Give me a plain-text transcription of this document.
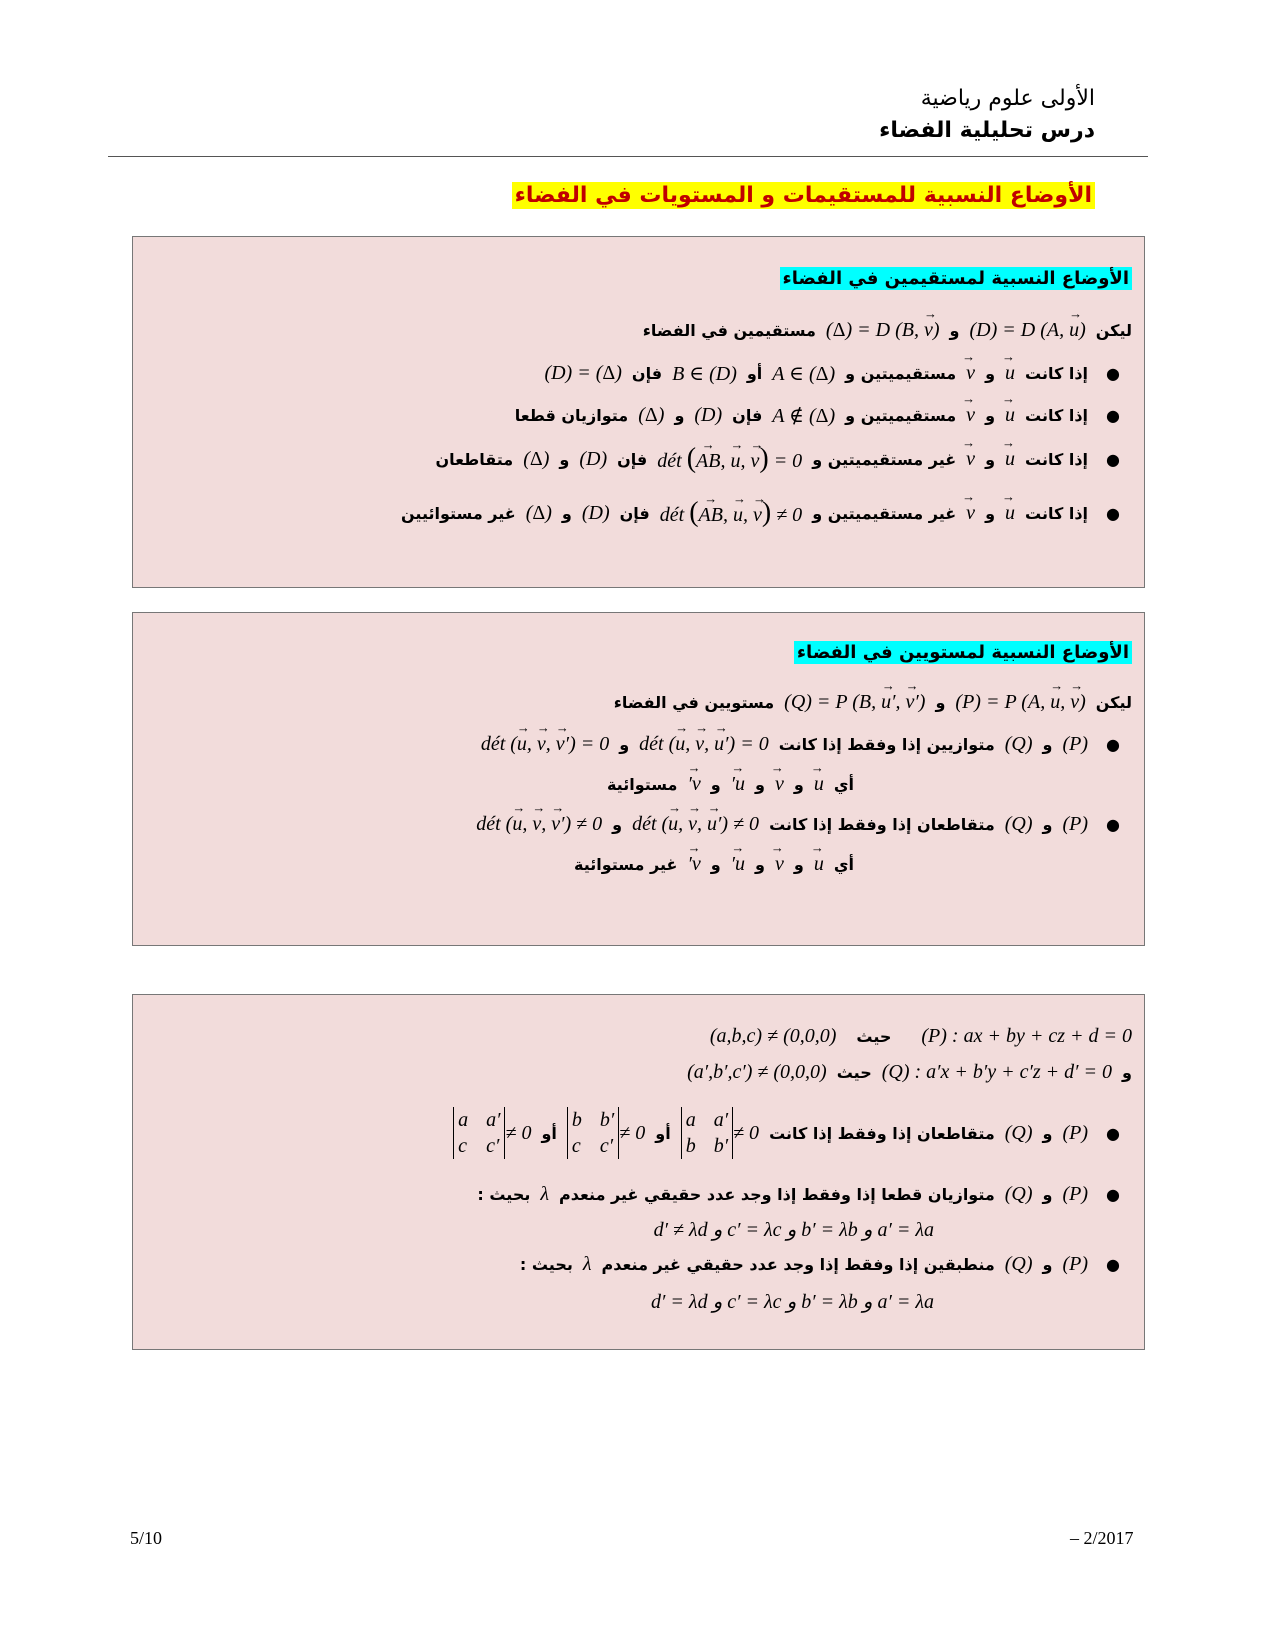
الأولى علوم رياضية
درس تحليلية الفضاء
الأوضاع النسبية للمستقيمات و المستويات في الفضاء
الأوضاع النسبية لمستقيمين في الفضاء
ليكن
(D) = D (A, u →)
و
(Δ) = D (B, v →)
مستقيمين في الفضاء
●
إذا كانت
u →
و
v →
مستقيميتين و
A ∈ (Δ)
أو
B ∈ (D)
فإن
(D) = (Δ)
●
إذا كانت
u →
و
v →
مستقيميتين و
A ∉ (Δ)
فإن
(D)
و
(Δ)
متوازيان قطعا
●
إذا كانت
u →
و
v →
غير مستقيميتين و
dét (AB →, u →, v →) = 0
فإن
(D)
و
(Δ)
متقاطعان
●
إذا كانت
u →
و
v →
غير مستقيميتين و
dét (AB →, u →, v →) ≠ 0
فإن
(D)
و
(Δ)
غير مستوائيين
الأوضاع النسبية لمستويين في الفضاء
ليكن
(P) = P (A, u →, v →)
و
(Q) = P (B, u′ →, v′ →)
مستويين في الفضاء
●
(P)
و
(Q)
متوازيين إذا وفقط إذا كانت
dét (u →, v →, u′ →) = 0
و
dét (u →, v →, v′ →) = 0
أي
u →
و
v →
و
u′ →
و
v′ →
مستوائية
●
(P)
و
(Q)
متقاطعان إذا وفقط إذا كانت
dét (u →, v →, u′ →) ≠ 0
و
dét (u →, v →, v′ →) ≠ 0
أي
u →
و
v →
و
u′ →
و
v′ →
غير مستوائية
(P) : ax + by + cz + d = 0
حيث
(a,b,c) ≠ (0,0,0)
و
(Q) : a′x + b′y + c′z + d′ = 0
حيث
(a′,b′,c′) ≠ (0,0,0)
●
(P)
و
(Q)
متقاطعان إذا وفقط إذا كانت
a a′
b b′
≠ 0
أو
b b′
c c′
≠ 0
أو
a a′
c c′
≠ 0
●
(P)
و
(Q)
متوازيان قطعا إذا وفقط إذا وجد عدد حقيقي غير منعدم
λ
بحيث :
a′ = λa و b′ = λb و c′ = λc و d′ ≠ λd
●
(P)
و
(Q)
منطبقين إذا وفقط إذا وجد عدد حقيقي غير منعدم
λ
بحيث :
a′ = λa و b′ = λb و c′ = λc و d′ = λd
5/10	– 2/2017
